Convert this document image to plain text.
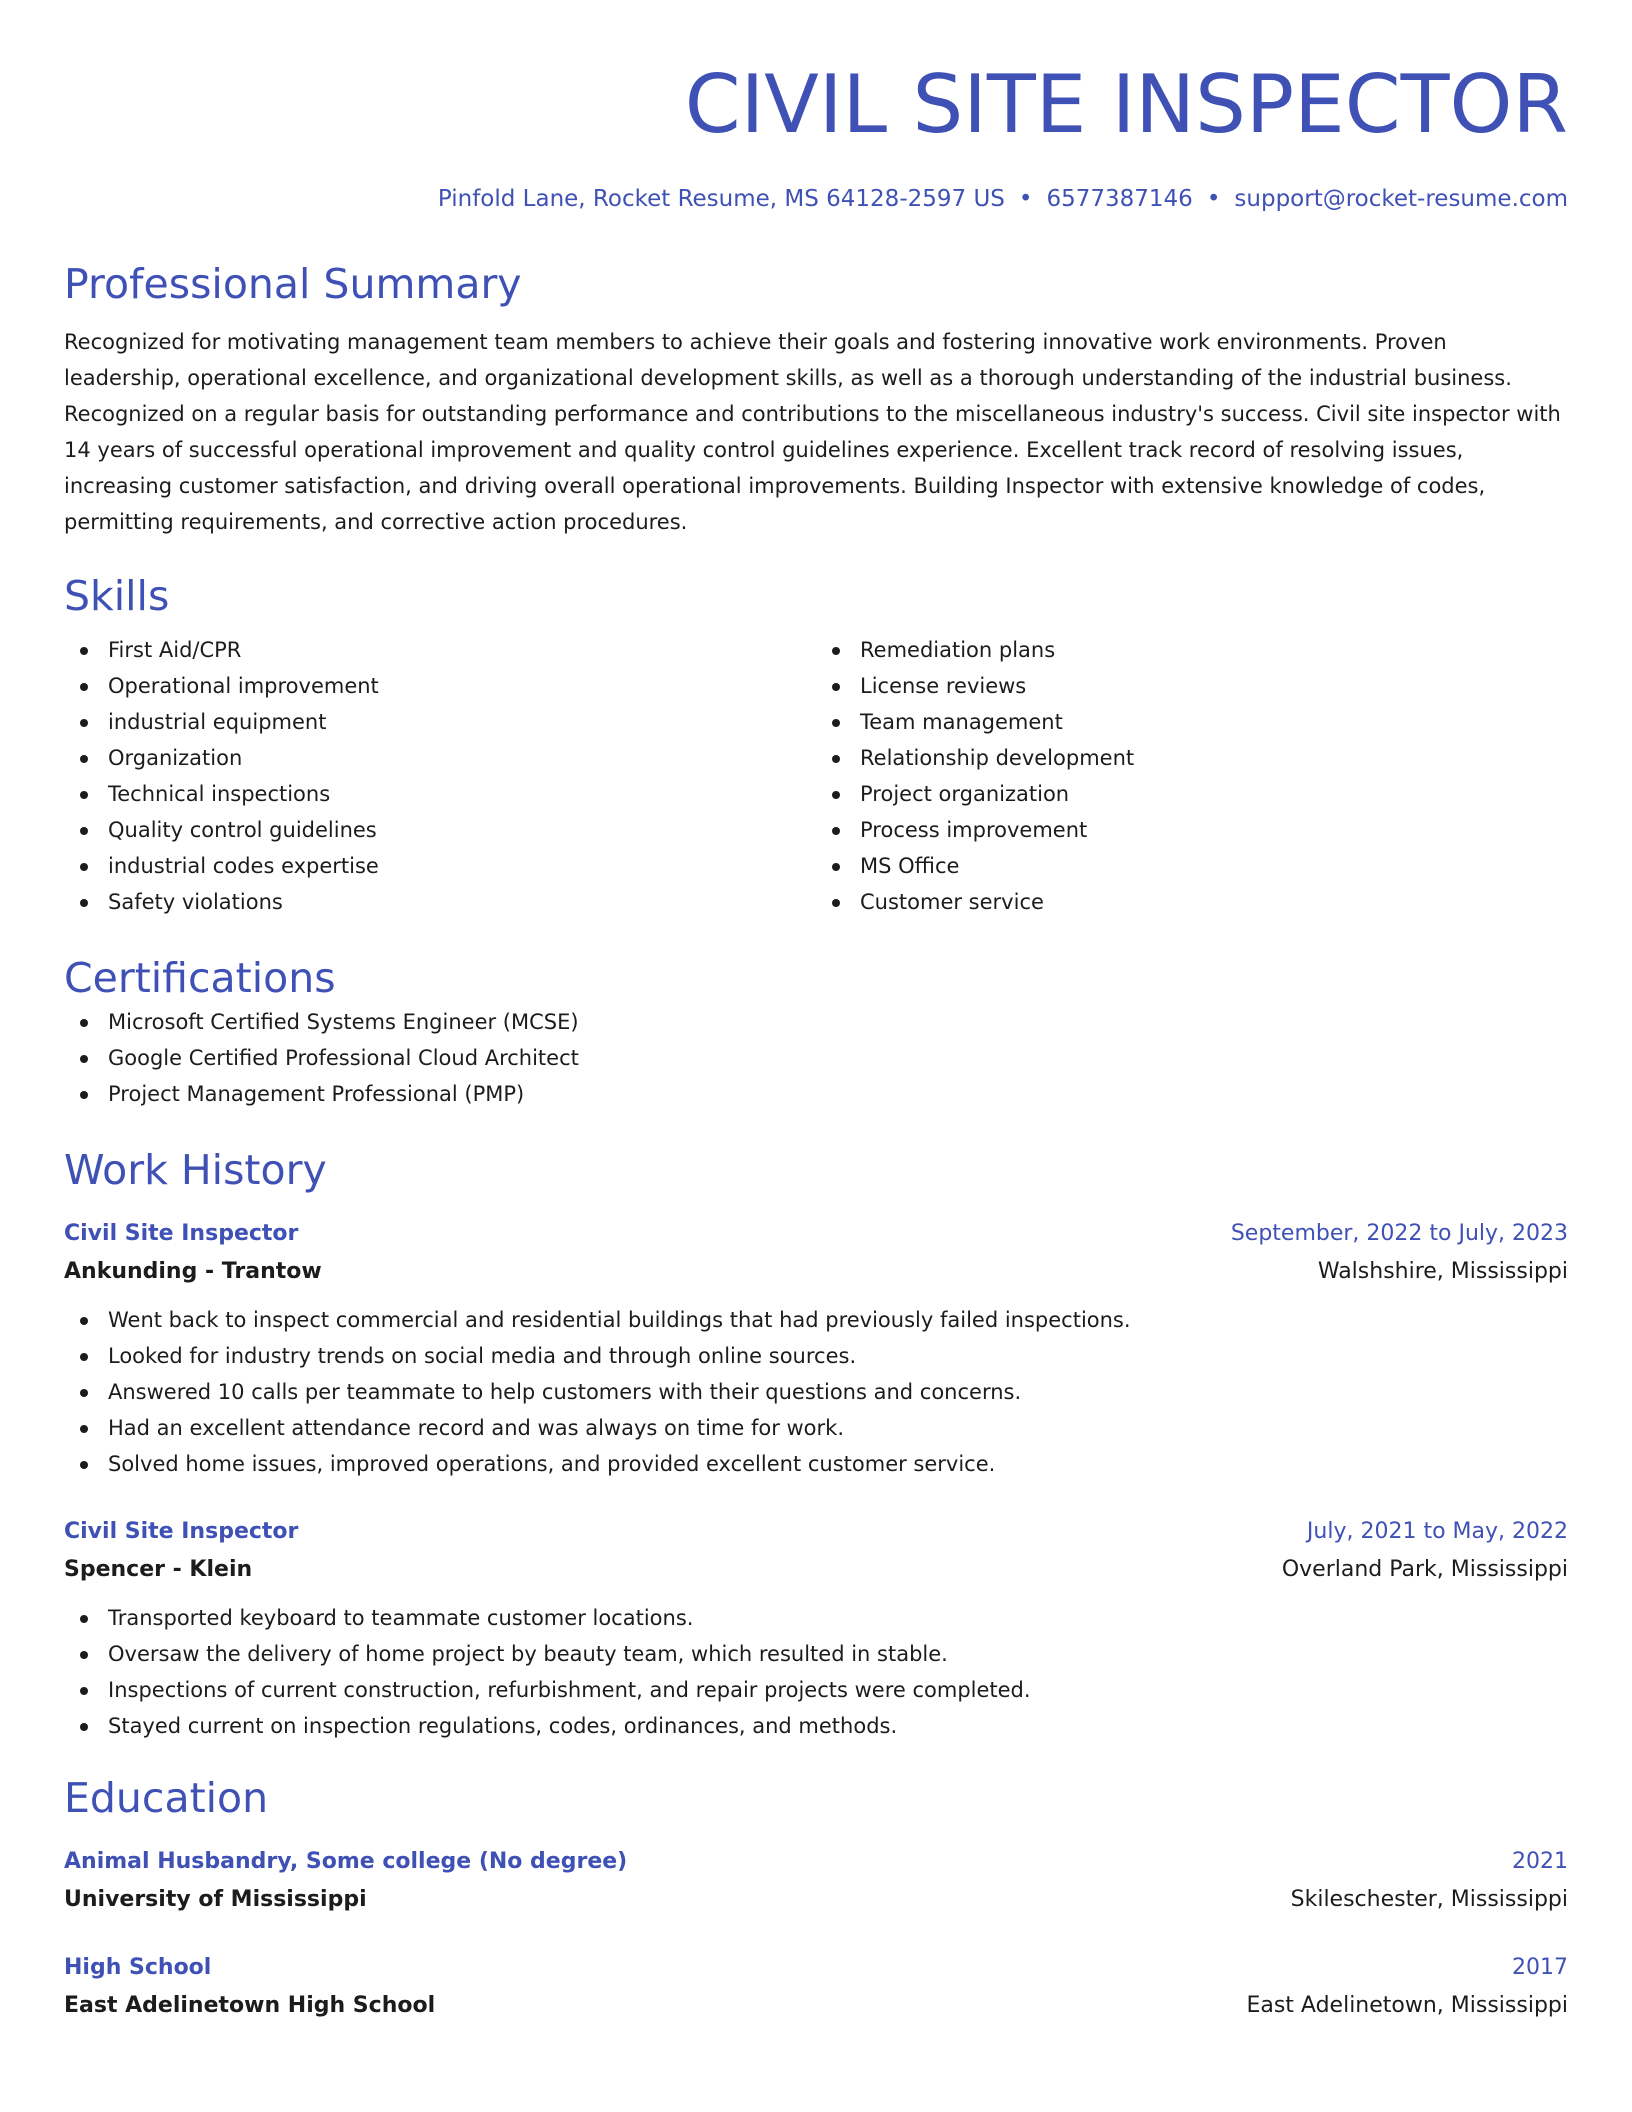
CIVIL SITE INSPECTOR
Pinfold Lane, Rocket Resume, MS 64128-2597 US • 6577387146 • support@rocket-resume.com
Professional Summary
Recognized for motivating management team members to achieve their goals and fostering innovative work environments. Proven leadership, operational excellence, and organizational development skills, as well as a thorough understanding of the industrial business. Recognized on a regular basis for outstanding performance and contributions to the miscellaneous industry's success. Civil site inspector with 14 years of successful operational improvement and quality control guidelines experience. Excellent track record of resolving issues, increasing customer satisfaction, and driving overall operational improvements. Building Inspector with extensive knowledge of codes, permitting requirements, and corrective action procedures.
Skills
First Aid/CPR
Operational improvement
industrial equipment
Organization
Technical inspections
Quality control guidelines
industrial codes expertise
Safety violations
Remediation plans
License reviews
Team management
Relationship development
Project organization
Process improvement
MS Office
Customer service
Certifications
Microsoft Certified Systems Engineer (MCSE)
Google Certified Professional Cloud Architect
Project Management Professional (PMP)
Work History
Civil Site Inspector	September, 2022 to July, 2023
Ankunding - Trantow	Walshshire, Mississippi
Went back to inspect commercial and residential buildings that had previously failed inspections.
Looked for industry trends on social media and through online sources.
Answered 10 calls per teammate to help customers with their questions and concerns.
Had an excellent attendance record and was always on time for work.
Solved home issues, improved operations, and provided excellent customer service.
Civil Site Inspector	July, 2021 to May, 2022
Spencer - Klein	Overland Park, Mississippi
Transported keyboard to teammate customer locations.
Oversaw the delivery of home project by beauty team, which resulted in stable.
Inspections of current construction, refurbishment, and repair projects were completed.
Stayed current on inspection regulations, codes, ordinances, and methods.
Education
Animal Husbandry, Some college (No degree)	2021
University of Mississippi	Skileschester, Mississippi
High School	2017
East Adelinetown High School	East Adelinetown, Mississippi
